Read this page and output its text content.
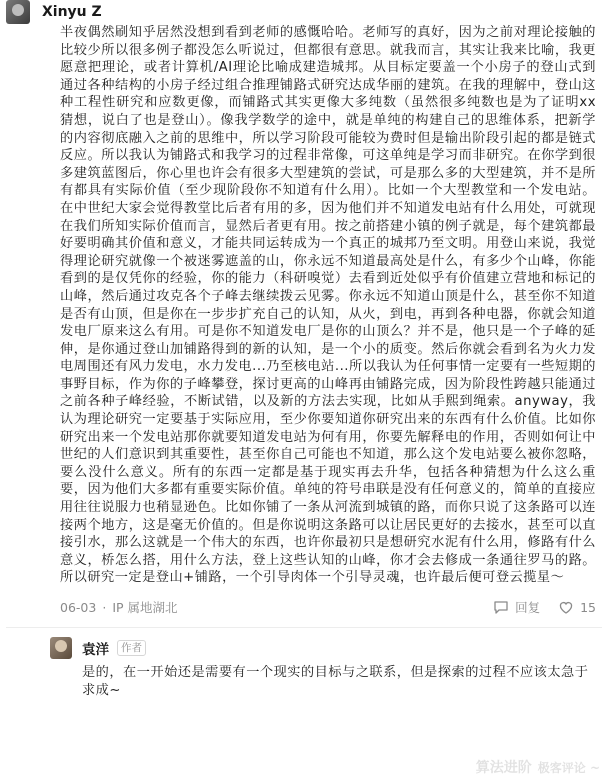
Xinyu Z
半夜偶然刷知乎居然没想到看到老师的感慨哈哈。老师写的真好，因为之前对理论接触的比较少所以很多例子都没怎么听说过，但都很有意思。就我而言，其实让我来比喻，我更愿意把理论，或者计算机/AI理论比喻成建造城邦。从目标定要盖一个小房子的登山式到通过各种结构的小房子经过组合推理铺路式研究达成华丽的建筑。在我的理解中，登山这种工程性研究和应数更像，而铺路式其实更像大多纯数（虽然很多纯数也是为了证明xx猜想，说白了也是登山）。像我学数学的途中，就是单纯的构建自己的思维体系，把新学的内容彻底融入之前的思维中，所以学习阶段可能较为费时但是输出阶段引起的都是链式反应。所以我认为铺路式和我学习的过程非常像，可这单纯是学习而非研究。在你学到很多建筑蓝图后，你心里也许会有很多大型建筑的尝试，可是那么多的大型建筑，并不是所有都具有实际价值（至少现阶段你不知道有什么用）。比如一个大型教堂和一个发电站。在中世纪大家会觉得教堂比后者有用的多，因为他们并不知道发电站有什么用处，可就现在我们所知实际价值而言，显然后者更有用。按之前搭建小镇的例子就是，每个建筑都最好要明确其价值和意义，才能共同运转成为一个真正的城邦乃至文明。用登山来说，我觉得理论研究就像一个被迷雾遮盖的山，你永远不知道最高处是什么，有多少个山峰，你能看到的是仅凭你的经验，你的能力（科研嗅觉）去看到近处似乎有价值建立营地和标记的山峰，然后通过攻克各个子峰去继续拨云见雾。你永远不知道山顶是什么，甚至你不知道是否有山顶，但是你在一步步扩充自己的认知，从火，到电，再到各种电器，你就会知道发电厂原来这么有用。可是你不知道发电厂是你的山顶么？并不是，他只是一个子峰的延伸，是你通过登山加铺路得到的新的认知，是一个小的质变。然后你就会看到名为火力发电周围还有风力发电，水力发电...乃至核电站...所以我认为任何事情一定要有一些短期的事野目标，作为你的子峰攀登，探讨更高的山峰再由铺路完成，因为阶段性跨越只能通过之前各种子峰经验，不断试错，以及新的方法去实现，比如从手熙到绳索。anyway，我认为理论研究一定要基于实际应用，至少你要知道你研究出来的东西有什么价值。比如你研究出来一个发电站那你就要知道发电站为何有用，你要先解释电的作用，否则如何让中世纪的人们意识到其重要性，甚至你自己可能也不知道，那么这个发电站要么被你忽略，要么没什么意义。所有的东西一定都是基于现实再去升华，包括各种猜想为什么这么重要，因为他们大多都有重要实际价值。单纯的符号串联是没有任何意义的，简单的直接应用往往说服力也稍显逊色。比如你铺了一条从河流到城镇的路，而你只说了这条路可以连接两个地方，这是毫无价值的。但是你说明这条路可以让居民更好的去接水，甚至可以直接引水，那么这就是一个伟大的东西，也许你最初只是想研究水泥有什么用，修路有什么意义，桥怎么搭，用什么方法，登上这些认知的山峰，你才会去修成一条通往罗马的路。所以研究一定是登山+铺路，一个引导肉体一个引导灵魂，也许最后便可登云揽星～
06-03 · IP 属地湖北	回复	15
袁洋	作者
是的，在一开始还是需要有一个现实的目标与之联系，但是探索的过程不应该太急于求成~
算法进阶 极客评论 ~
